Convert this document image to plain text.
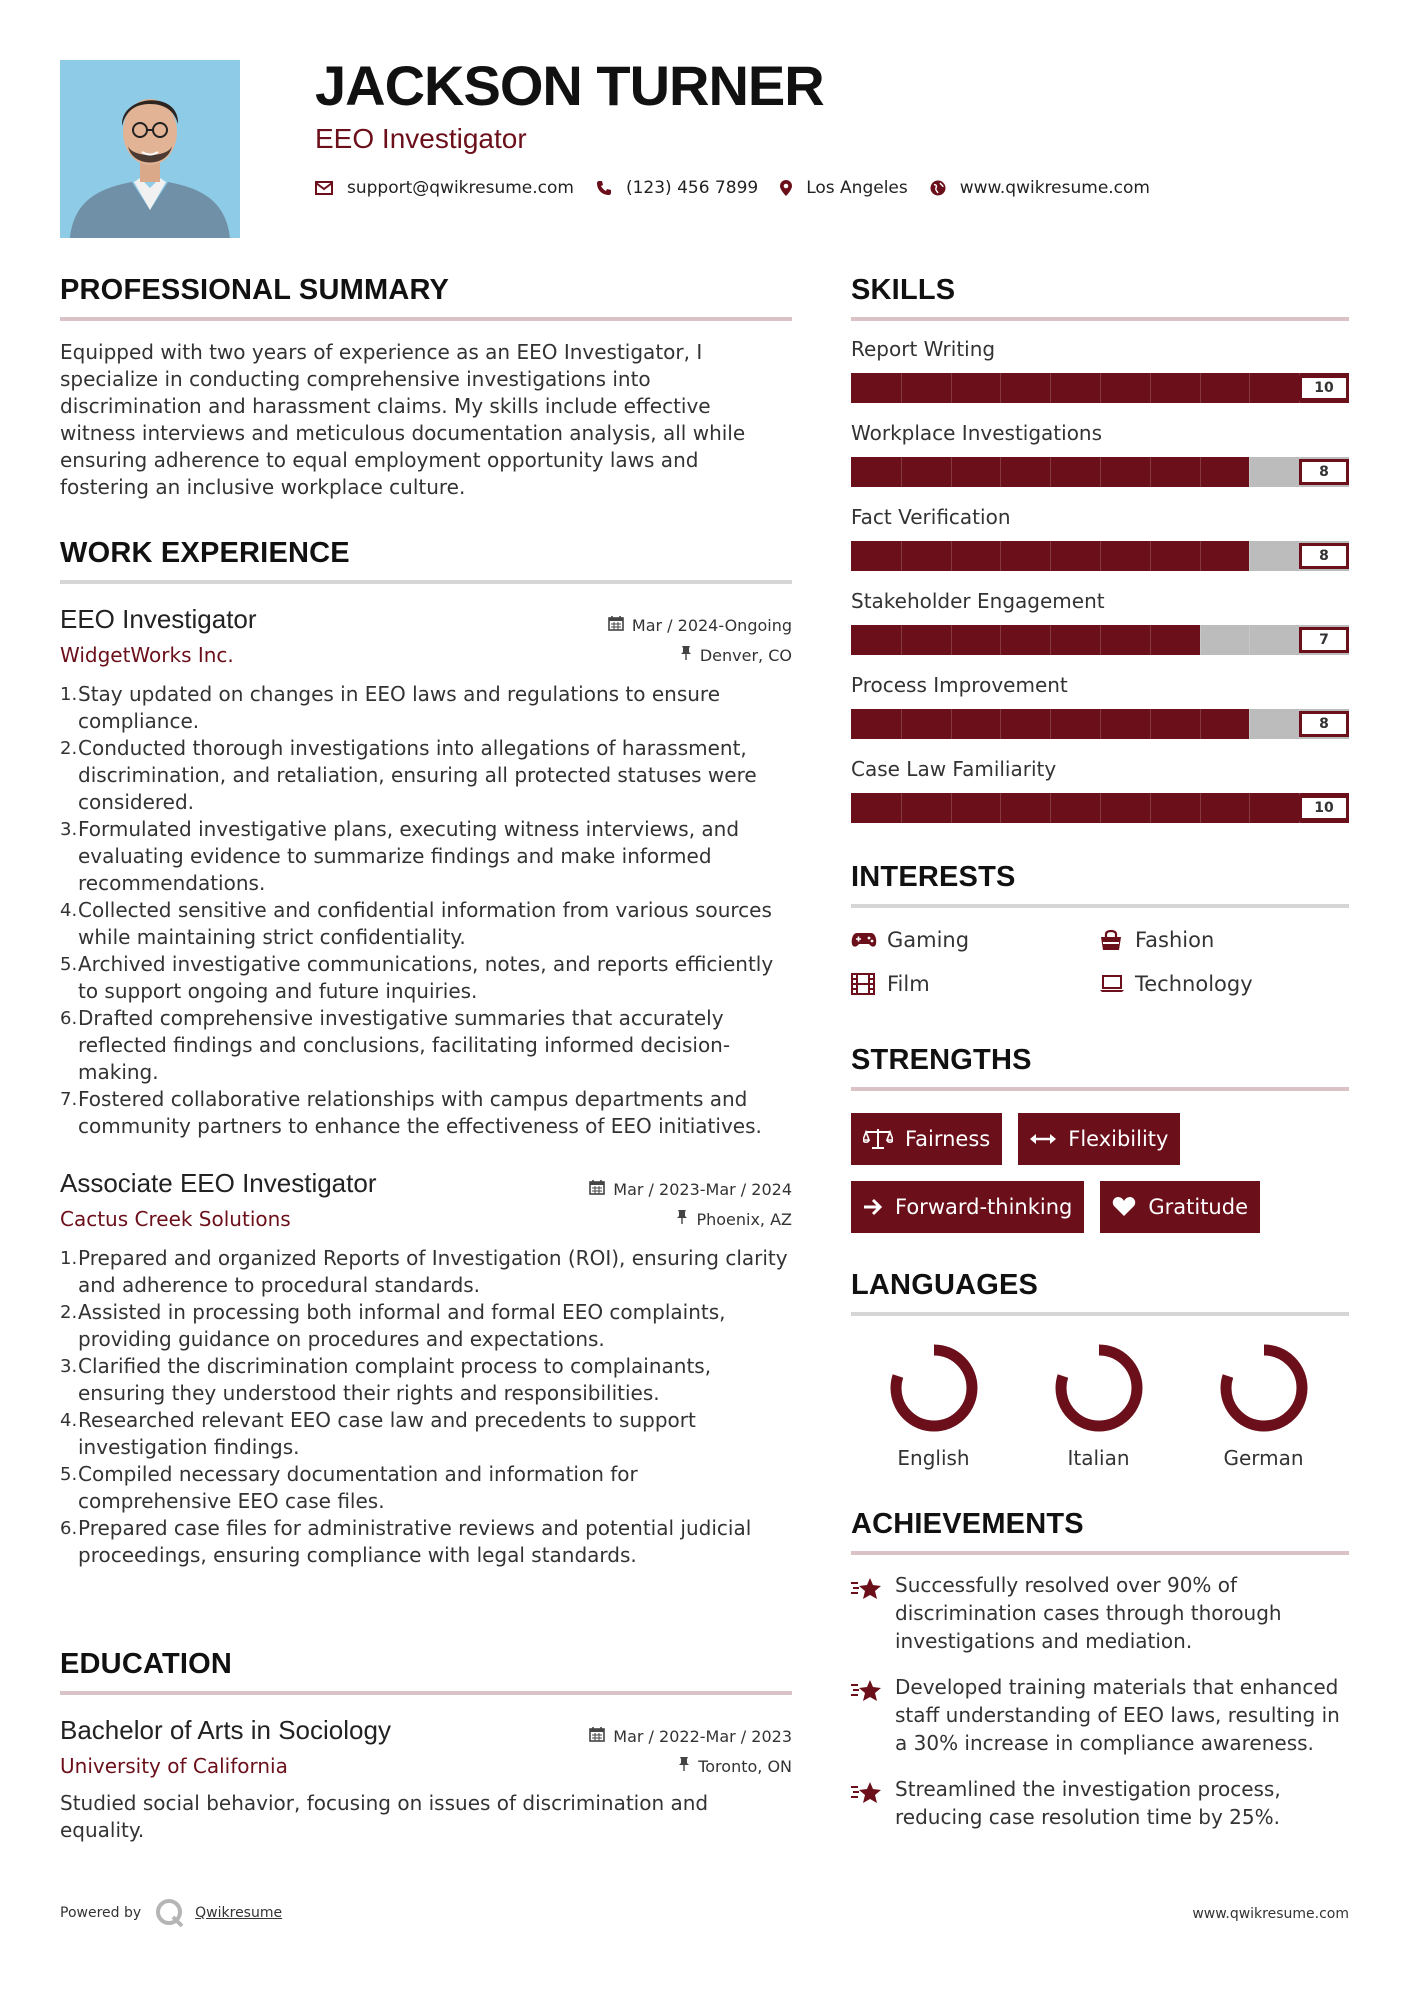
JACKSON TURNER
EEO Investigator
support@qwikresume.com	(123) 456 7899	Los Angeles	www.qwikresume.com
PROFESSIONAL SUMMARY
Equipped with two years of experience as an EEO Investigator, I specialize in conducting comprehensive investigations into discrimination and harassment claims. My skills include effective witness interviews and meticulous documentation analysis, all while ensuring adherence to equal employment opportunity laws and fostering an inclusive workplace culture.
WORK EXPERIENCE
EEO Investigator	Mar / 2024-Ongoing
WidgetWorks Inc.	Denver, CO
Stay updated on changes in EEO laws and regulations to ensure compliance.
Conducted thorough investigations into allegations of harassment, discrimination, and retaliation, ensuring all protected statuses were considered.
Formulated investigative plans, executing witness interviews, and evaluating evidence to summarize findings and make informed recommendations.
Collected sensitive and confidential information from various sources while maintaining strict confidentiality.
Archived investigative communications, notes, and reports efficiently to support ongoing and future inquiries.
Drafted comprehensive investigative summaries that accurately reflected findings and conclusions, facilitating informed decision-making.
Fostered collaborative relationships with campus departments and community partners to enhance the effectiveness of EEO initiatives.
Associate EEO Investigator	Mar / 2023-Mar / 2024
Cactus Creek Solutions	Phoenix, AZ
Prepared and organized Reports of Investigation (ROI), ensuring clarity and adherence to procedural standards.
Assisted in processing both informal and formal EEO complaints, providing guidance on procedures and expectations.
Clarified the discrimination complaint process to complainants, ensuring they understood their rights and responsibilities.
Researched relevant EEO case law and precedents to support investigation findings.
Compiled necessary documentation and information for comprehensive EEO case files.
Prepared case files for administrative reviews and potential judicial proceedings, ensuring compliance with legal standards.
EDUCATION
Bachelor of Arts in Sociology	Mar / 2022-Mar / 2023
University of California	Toronto, ON
Studied social behavior, focusing on issues of discrimination and equality.
SKILLS
Report Writing
10
Workplace Investigations
8
Fact Verification
8
Stakeholder Engagement
7
Process Improvement
8
Case Law Familiarity
10
INTERESTS
Gaming	Fashion
Film	Technology
STRENGTHS
Fairness	Flexibility
Forward-thinking	Gratitude
LANGUAGES
English	Italian	German
ACHIEVEMENTS
Successfully resolved over 90% of discrimination cases through thorough investigations and mediation.
Developed training materials that enhanced staff understanding of EEO laws, resulting in a 30% increase in compliance awareness.
Streamlined the investigation process, reducing case resolution time by 25%.
Powered by	Qwikresume	www.qwikresume.com
